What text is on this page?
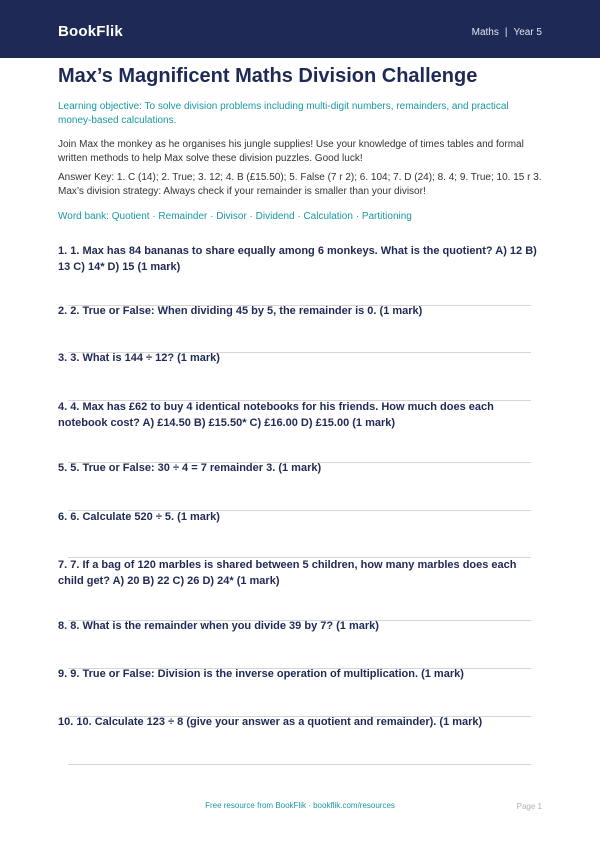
BookFlik	Maths | Year 5
Max’s Magnificent Maths Division Challenge
Learning objective: To solve division problems including multi-digit numbers, remainders, and practical money-based calculations.
Join Max the monkey as he organises his jungle supplies! Use your knowledge of times tables and formal written methods to help Max solve these division puzzles. Good luck!
Answer Key: 1. C (14); 2. True; 3. 12; 4. B (£15.50); 5. False (7 r 2); 6. 104; 7. D (24); 8. 4; 9. True; 10. 15 r 3. Max’s division strategy: Always check if your remainder is smaller than your divisor!
Word bank: Quotient · Remainder · Divisor · Dividend · Calculation · Partitioning
1. 1. Max has 84 bananas to share equally among 6 monkeys. What is the quotient? A) 12 B) 13 C) 14* D) 15 (1 mark)
2. 2. True or False: When dividing 45 by 5, the remainder is 0. (1 mark)
3. 3. What is 144 ÷ 12? (1 mark)
4. 4. Max has £62 to buy 4 identical notebooks for his friends. How much does each notebook cost? A) £14.50 B) £15.50* C) £16.00 D) £15.00 (1 mark)
5. 5. True or False: 30 ÷ 4 = 7 remainder 3. (1 mark)
6. 6. Calculate 520 ÷ 5. (1 mark)
7. 7. If a bag of 120 marbles is shared between 5 children, how many marbles does each child get? A) 20 B) 22 C) 26 D) 24* (1 mark)
8. 8. What is the remainder when you divide 39 by 7? (1 mark)
9. 9. True or False: Division is the inverse operation of multiplication. (1 mark)
10. 10. Calculate 123 ÷ 8 (give your answer as a quotient and remainder). (1 mark)
Free resource from BookFlik · bookflik.com/resources	Page 1
